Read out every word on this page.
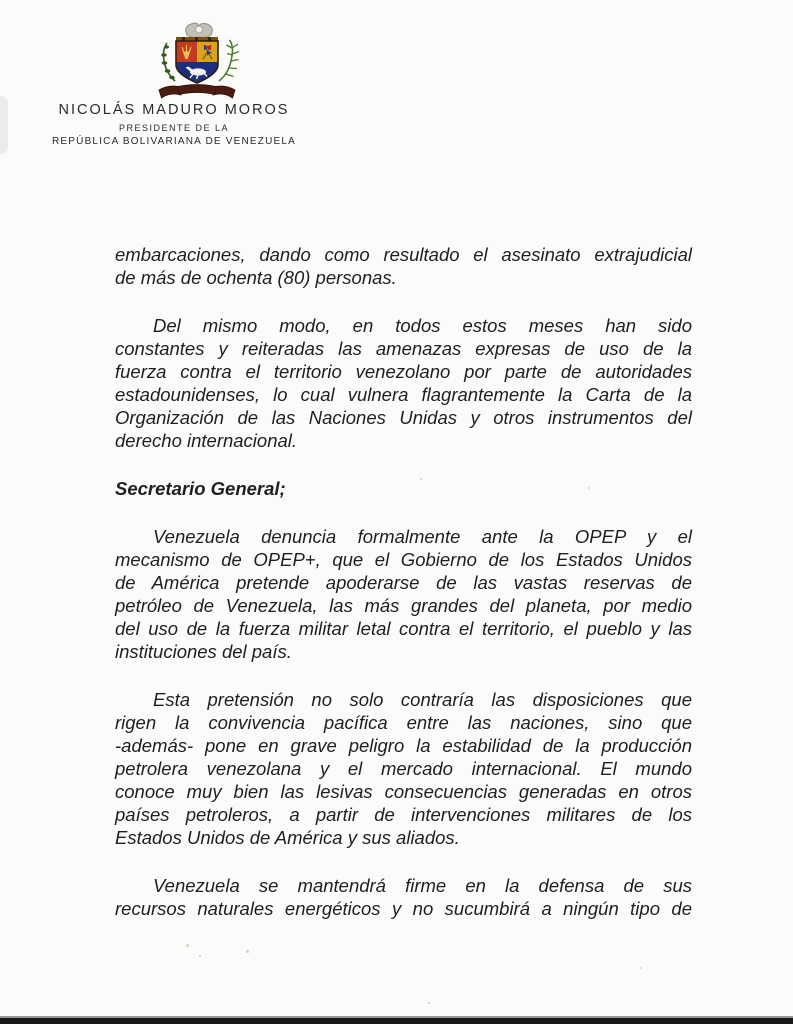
NICOLÁS MADURO MOROS
PRESIDENTE DE LA
REPÚBLICA BOLIVARIANA DE VENEZUELA
embarcaciones, dando como resultado el asesinato extrajudicial
de más de ochenta (80) personas.
Del mismo modo, en todos estos meses han sido
constantes y reiteradas las amenazas expresas de uso de la
fuerza contra el territorio venezolano por parte de autoridades
estadounidenses, lo cual vulnera flagrantemente la Carta de la
Organización de las Naciones Unidas y otros instrumentos del
derecho internacional.
Secretario General;
Venezuela denuncia formalmente ante la OPEP y el
mecanismo de OPEP+, que el Gobierno de los Estados Unidos
de América pretende apoderarse de las vastas reservas de
petróleo de Venezuela, las más grandes del planeta, por medio
del uso de la fuerza militar letal contra el territorio, el pueblo y las
instituciones del país.
Esta pretensión no solo contraría las disposiciones que
rigen la convivencia pacífica entre las naciones, sino que
-además- pone en grave peligro la estabilidad de la producción
petrolera venezolana y el mercado internacional. El mundo
conoce muy bien las lesivas consecuencias generadas en otros
países petroleros, a partir de intervenciones militares de los
Estados Unidos de América y sus aliados.
Venezuela se mantendrá firme en la defensa de sus
recursos naturales energéticos y no sucumbirá a ningún tipo de
